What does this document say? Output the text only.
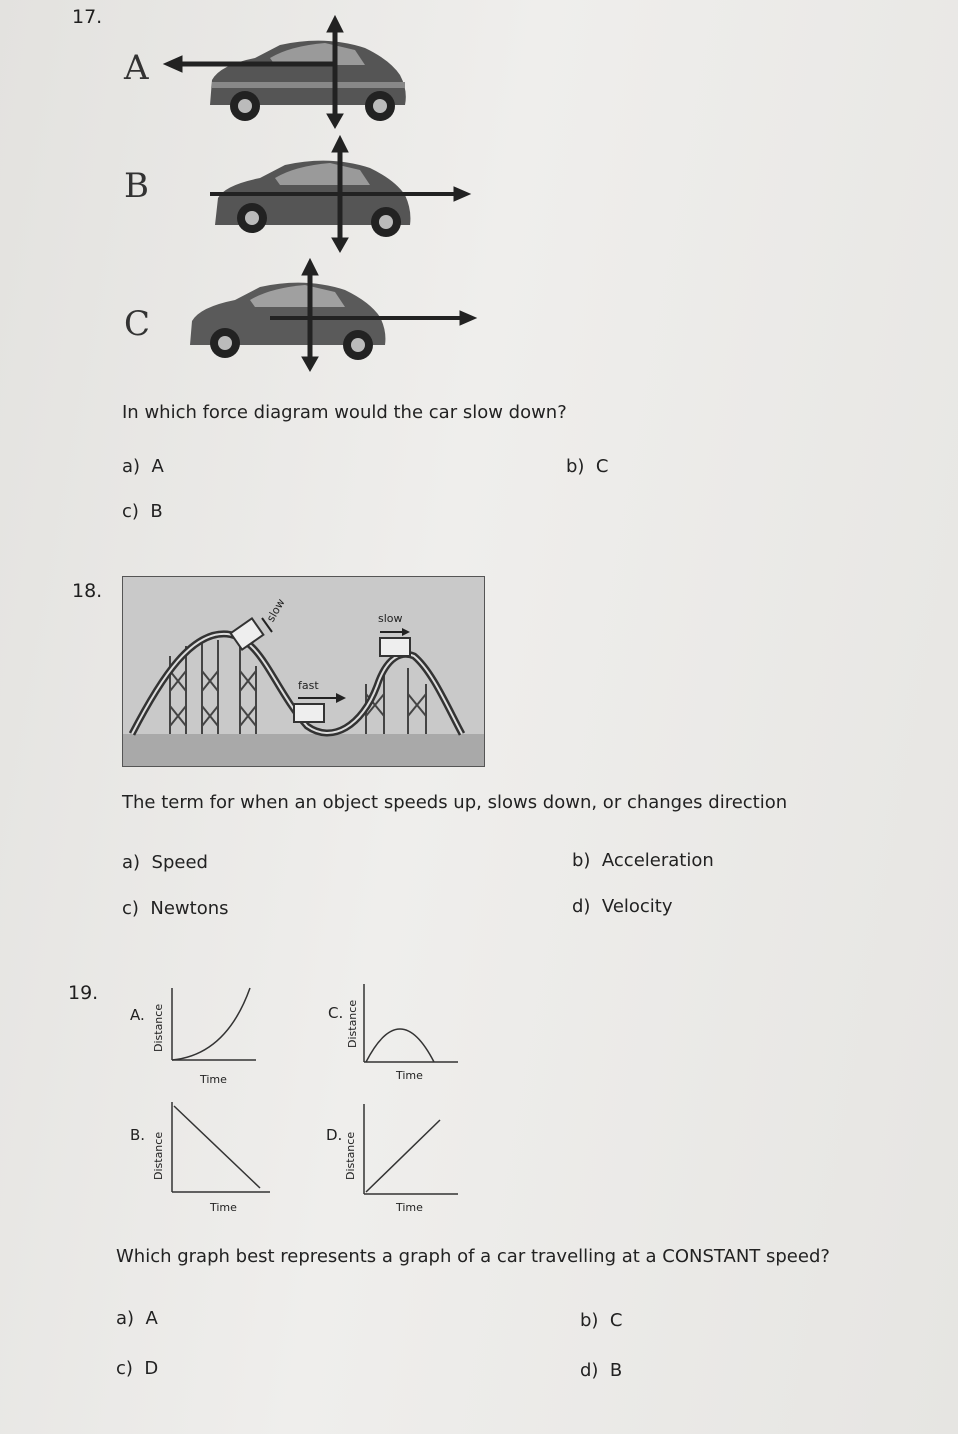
17.
A
B
C
In which force diagram would the car slow down?
a) A	b) C
c) B
18.
slow	slow
fast
The term for when an object speeds up, slows down, or changes direction
a) Speed	b) Acceleration
c) Newtons	d) Velocity
19.
A. Distance
Time
C. Distance
Time
B. Distance
Time
D. Distance
Time
Which graph best represents a graph of a car travelling at a CONSTANT speed?
a) A	b) C
c) D	d) B
